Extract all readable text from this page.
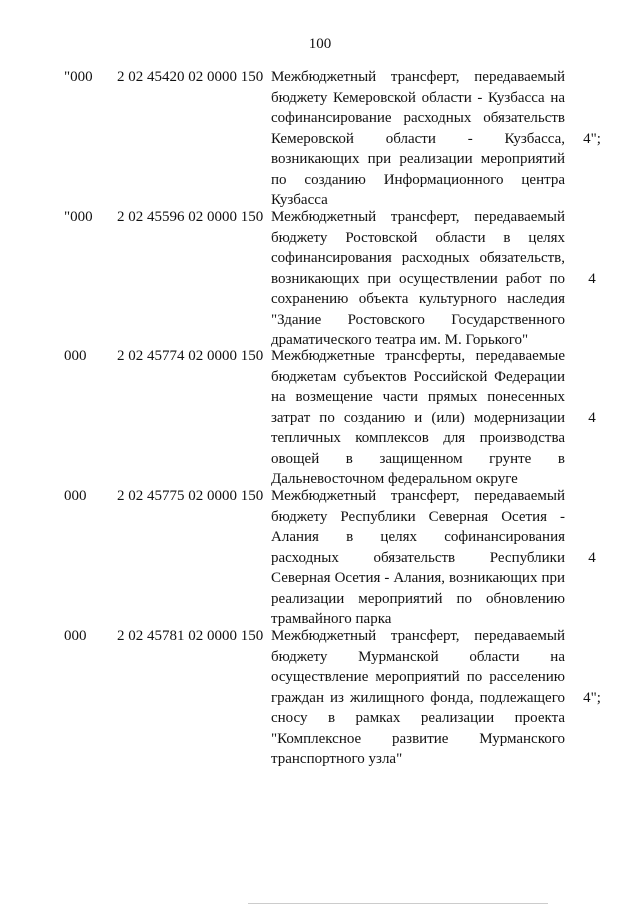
100
"000 2 02 45420 02 0000 150 Межбюджетный трансферт, передаваемый бюджету Кемеровской области - Кузбасса на софинансирование расходных обязательств Кемеровской области - Кузбасса, возникающих при реализации мероприятий по созданию Информационного центра Кузбасса
4";
"000 2 02 45596 02 0000 150 Межбюджетный трансферт, передаваемый бюджету Ростовской области в целях софинансирования расходных обязательств, возникающих при осуществлении работ по сохранению объекта культурного наследия "Здание Ростовского Государственного драматического театра им. М. Горького"
4
000 2 02 45774 02 0000 150 Межбюджетные трансферты, передаваемые бюджетам субъектов Российской Федерации на возмещение части прямых понесенных затрат по созданию и (или) модернизации тепличных комплексов для производства овощей в защищенном грунте в Дальневосточном федеральном округе
4
000 2 02 45775 02 0000 150 Межбюджетный трансферт, передаваемый бюджету Республики Северная Осетия - Алания в целях софинансирования расходных обязательств Республики Северная Осетия - Алания, возникающих при реализации мероприятий по обновлению трамвайного парка
4
000 2 02 45781 02 0000 150 Межбюджетный трансферт, передаваемый бюджету Мурманской области на осуществление мероприятий по расселению граждан из жилищного фонда, подлежащего сносу в рамках реализации проекта "Комплексное развитие Мурманского транспортного узла"
4";
